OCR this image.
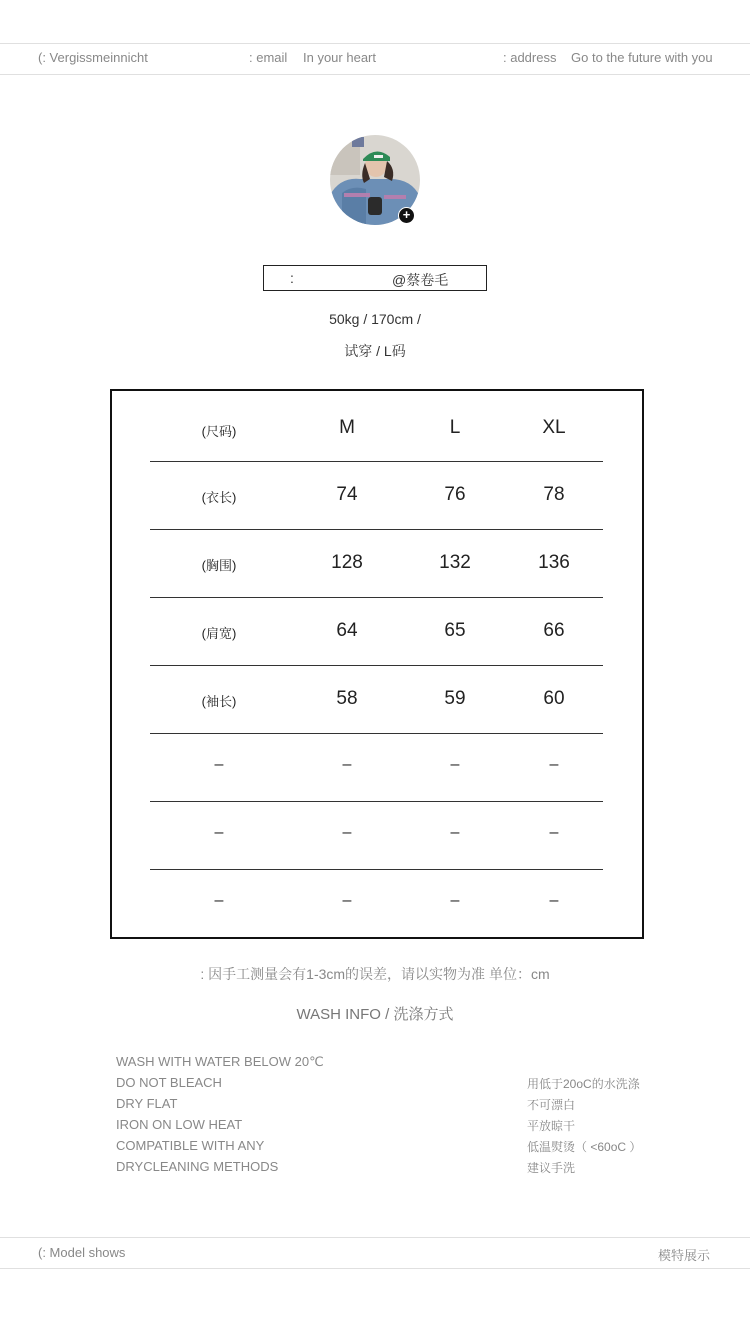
(: Vergissmeinnicht	: email In your heart	: address Go to the future with you
+
:	@蔡卷毛
50kg / 170cm /
试穿 / L码
(尺码)	M	L	XL
(衣长)	74	76	78
(胸围)	128	132	136
(肩宽)	64	65	66
(袖长)	58	59	60
–	–	–	–
–	–	–	–
–	–	–	–
: 因手工测量会有1-3cm的误差，请以实物为准 单位：cm
WASH INFO / 洗涤方式
WASH WITH WATER BELOW 20℃
DO NOT BLEACH
DRY FLAT
IRON ON LOW HEAT
COMPATIBLE WITH ANY
DRYCLEANING METHODS
用低于20oC的水洗涤
不可漂白
平放晾干
低温熨烫（ <60oC ）
建议手洗
(: Model shows	模特展示
